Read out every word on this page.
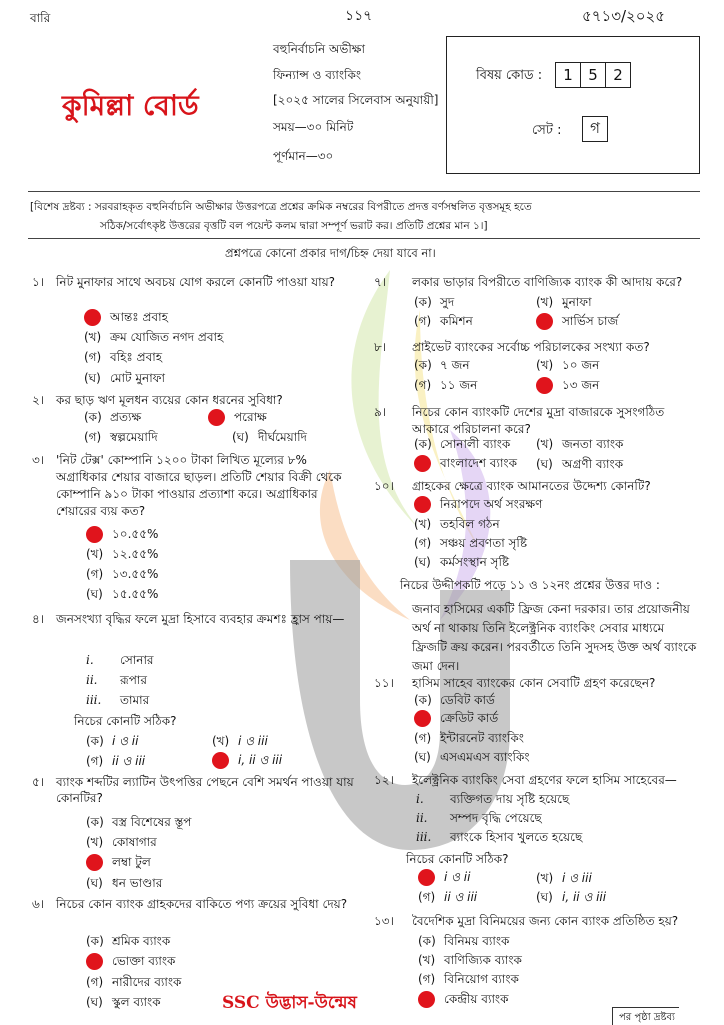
বারি	১১৭	৫৭১৩/২০২৫
বহুনির্বাচনি অভীক্ষা
ফিন্যান্স ও ব্যাংকিং
[২০২৫ সালের সিলেবাস অনুযায়ী]
সময়—৩০ মিনিট
পূর্ণমান—৩০
কুমিল্লা বোর্ড
বিষয় কোড :	1	5	2
সেট :	গ
[বিশেষ দ্রষ্টব্য : সরবরাহকৃত বহুনির্বাচনি অভীক্ষার উত্তরপত্রে প্রশ্নের ক্রমিক নম্বরের বিপরীতে প্রদত্ত বর্ণসম্বলিত বৃত্তসমূহ হতে
সঠিক/সর্বোৎকৃষ্ট উত্তরের বৃত্তটি বল পয়েন্ট কলম দ্বারা সম্পূর্ণ ভরাট কর। প্রতিটি প্রশ্নের মান ১।]
প্রশ্নপত্রে কোনো প্রকার দাগ/চিহ্ন দেয়া যাবে না।
১। নিট মুনাফার সাথে অবচয় যোগ করলে কোনটি পাওয়া যায়?
আন্তঃ প্রবাহ
(খ) ক্রম যোজিত নগদ প্রবাহ
(গ) বহিঃ প্রবাহ
(ঘ) মোট মুনাফা
২। কর ছাড় ঋণ মূলধন ব্যয়ের কোন ধরনের সুবিধা?
(ক) প্রত্যক্ষ	পরোক্ষ
(গ) স্বল্পমেয়াদি	(ঘ) দীর্ঘমেয়াদি
৩। 'নিট টেক্স' কোম্পানি ১২০০ টাকা লিখিত মূল্যের ৮% অগ্রাধিকার শেয়ার বাজারে ছাড়ল। প্রতিটি শেয়ার বিক্রী থেকে কোম্পানি ৯১০ টাকা পাওয়ার প্রত্যাশা করে। অগ্রাধিকার শেয়ারের ব্যয় কত?
১০.৫৫%
(খ) ১২.৫৫%
(গ) ১৩.৫৫%
(ঘ) ১৫.৫৫%
৪। জনসংখ্যা বৃদ্ধির ফলে মুদ্রা হিসাবে ব্যবহার ক্রমশঃ হ্রাস পায়—
i. সোনার
ii. রূপার
iii. তামার
নিচের কোনটি সঠিক?
(ক) i ও ii	(খ) i ও iii
(গ) ii ও iii	i, ii ও iii
৫। ব্যাংক শব্দটির ল্যাটিন উৎপত্তির পেছনে বেশি সমর্থন পাওয়া যায় কোনটির?
(ক) বস্ত্র বিশেষের স্তূপ
(খ) কোষাগার
লম্বা টুল
(ঘ) ধন ভাণ্ডার
৬। নিচের কোন ব্যাংক গ্রাহকদের বাকিতে পণ্য ক্রয়ের সুবিধা দেয়?
(ক) শ্রমিক ব্যাংক
ভোক্তা ব্যাংক
(গ) নারীদের ব্যাংক
(ঘ) স্কুল ব্যাংক
৭। লকার ভাড়ার বিপরীতে বাণিজ্যিক ব্যাংক কী আদায় করে?
(ক) সুদ	(খ) মুনাফা
(গ) কমিশন	সার্ভিস চার্জ
৮। প্রাইভেট ব্যাংকের সর্বোচ্চ পরিচালকের সংখ্যা কত?
(ক) ৭ জন	(খ) ১০ জন
(গ) ১১ জন	১৩ জন
৯। নিচের কোন ব্যাংকটি দেশের মুদ্রা বাজারকে সুসংগঠিত আকারে পরিচালনা করে?
(ক) সোনালী ব্যাংক (খ) জনতা ব্যাংক
বাংলাদেশ ব্যাংক (ঘ) অগ্রণী ব্যাংক
১০। গ্রাহকের ক্ষেত্রে ব্যাংক আমানতের উদ্দেশ্য কোনটি?
নিরাপদে অর্থ সংরক্ষণ
(খ) তহবিল গঠন
(গ) সঞ্চয় প্রবণতা সৃষ্টি
(ঘ) কর্মসংস্থান সৃষ্টি
নিচের উদ্দীপকটি পড়ে ১১ ও ১২নং প্রশ্নের উত্তর দাও :
জনাব হাসিমের একটি ফ্রিজ কেনা দরকার। তার প্রয়োজনীয় অর্থ না থাকায় তিনি ইলেক্ট্রনিক ব্যাংকিং সেবার মাধ্যমে ফ্রিজটি ক্রয় করেন। পরবর্তীতে তিনি সুদসহ উক্ত অর্থ ব্যাংকে জমা দেন।
১১। হাসিম সাহেব ব্যাংকের কোন সেবাটি গ্রহণ করেছেন?
(ক) ডেবিট কার্ড
ক্রেডিট কার্ড
(গ) ইন্টারনেট ব্যাংকিং
(ঘ) এসএমএস ব্যাংকিং
১২। ইলেক্ট্রনিক ব্যাংকিং সেবা গ্রহণের ফলে হাসিম সাহেবের—
i. ব্যক্তিগত দায় সৃষ্টি হয়েছে
ii. সম্পদ বৃদ্ধি পেয়েছে
iii. ব্যাংকে হিসাব খুলতে হয়েছে
নিচের কোনটি সঠিক?
i ও ii	(খ) i ও iii
(গ) ii ও iii	(ঘ) i, ii ও iii
১৩। বৈদেশিক মুদ্রা বিনিময়ের জন্য কোন ব্যাংক প্রতিষ্ঠিত হয়?
(ক) বিনিময় ব্যাংক
(খ) বাণিজ্যিক ব্যাংক
(গ) বিনিয়োগ ব্যাংক
কেন্দ্রীয় ব্যাংক
SSC উদ্ভাস-উন্মেষ
পর পৃষ্ঠা দ্রষ্টব্য
